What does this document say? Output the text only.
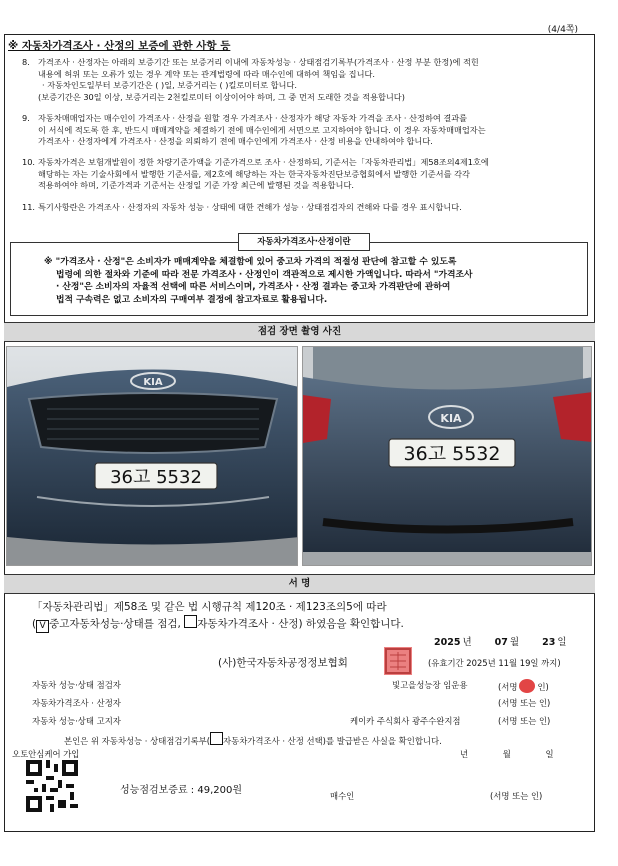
(4/4쪽)
※ 자동차가격조사 · 산정의 보증에 관한 사항 등
8. 가격조사 · 산정자는 아래의 보증기간 또는 보증거리 이내에 자동차성능 · 상태점검기록부(가격조사 · 산정 부분 한정)에 적힌
내용에 허위 또는 오류가 있는 경우 계약 또는 관계법령에 따라 매수인에 대하여 책임을 집니다.
· 자동차인도일부터 보증기간은 ( )일, 보증거리는 ( )킬로미터로 합니다.
(보증기간은 30일 이상, 보증거리는 2천킬로미터 이상이어야 하며, 그 중 먼저 도래한 것을 적용합니다)
9. 자동차매매업자는 매수인이 가격조사 · 산정을 원할 경우 가격조사 · 산정자가 해당 자동차 가격을 조사 · 산정하여 결과를
이 서식에 적도록 한 후, 반드시 매매계약을 체결하기 전에 매수인에게 서면으로 고지하여야 합니다. 이 경우 자동차매매업자는
가격조사 · 산정자에게 가격조사 · 산정을 의뢰하기 전에 매수인에게 가격조사 · 산정 비용을 안내하여야 합니다.
10. 자동차가격은 보험개발원이 정한 차량기준가액을 기준가격으로 조사 · 산정하되, 기준서는「자동차관리법」제58조의4제1호에
해당하는 자는 기술사회에서 발행한 기준서를, 제2호에 해당하는 자는 한국자동차진단보증협회에서 발행한 기준서를 각각
적용하여야 하며, 기준가격과 기준서는 산정일 기준 가장 최근에 발행된 것을 적용합니다.
11. 특기사항란은 가격조사 · 산정자의 자동차 성능 · 상태에 대한 견해가 성능 · 상태점검자의 견해와 다를 경우 표시합니다.
자동차가격조사·산정이란
※ "가격조사 · 산정"은 소비자가 매매계약을 체결함에 있어 중고차 가격의 적절성 판단에 참고할 수 있도록
법령에 의한 절차와 기준에 따라 전문 가격조사 · 산정인이 객관적으로 제시한 가액입니다. 따라서 "가격조사
· 산정"은 소비자의 자율적 선택에 따른 서비스이며, 가격조사 · 산정 결과는 중고차 가격판단에 관하여
법적 구속력은 없고 소비자의 구매여부 결정에 참고자료로 활용됩니다.
점검 장면 촬영 사진
KIA
36고 5532
KIA
36고 5532
서 명
「자동차관리법」제58조 및 같은 법 시행규칙 제120조 · 제123조의5에 따라
( V 중고자동차성능·상태를 점검, 자동차가격조사 · 산정) 하였음을 확인합니다.
2025 년 07 월 23 일
(사)한국자동차공정정보협회	(유효기간 2025년 11월 19일 까지)
자동차 성능·상태 점검자	빛고을성능장 임운용	(서명 인)
자동차가격조사 · 산정자	(서명 또는 인)
자동차 성능·상태 고지자	케이카 주식회사 광주수완지점	(서명 또는 인)
본인은 위 자동차성능 · 상태점검기록부( 자동차가격조사 · 산정 선택)를 발급받은 사실을 확인합니다.
오토안심케어 가입	년	월	일
성능점검보증료 : 49,200원	매수인	(서명 또는 인)
